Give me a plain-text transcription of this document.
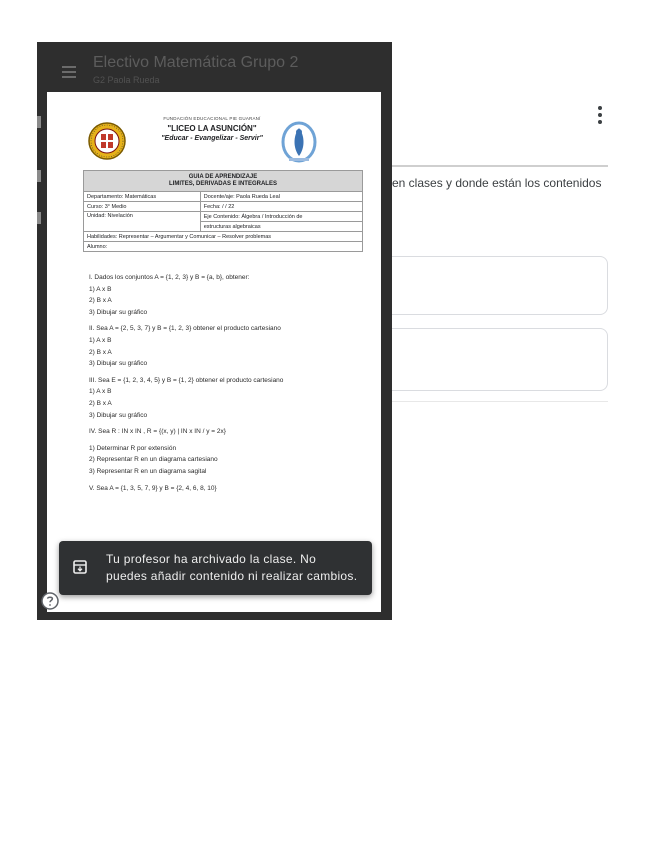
en clases y donde están los contenidos
Electivo Matemática Grupo 2
G2 Paola Rueda
FUNDACIÓN EDUCACIONAL PIE GUARANÍ
"LICEO LA ASUNCIÓN"
"Educar - Evangelizar - Servir"
GUIA DE APRENDIZAJE
LIMITES, DERIVADAS E INTEGRALES	

Departamento: Matemáticas	Docente/aje: Paola Rueda Leal
Curso: 3° Medio	Fecha: / / 22
Unidad: Nivelación	Eje Contenido: Álgebra / Introducción de
	estructuras algebraicas
Habilidades: Representar – Argumentar y Comunicar – Resolver problemas	
Alumno:	
I. Dados los conjuntos A = {1, 2, 3} y B = {a, b}, obtener:
1) A x B
2) B x A
3) Dibujar su gráfico
II. Sea A = {2, 5, 3, 7} y B = {1, 2, 3} obtener el producto cartesiano
1) A x B
2) B x A
3) Dibujar su gráfico
III. Sea E = {1, 2, 3, 4, 5} y B = {1, 2} obtener el producto cartesiano
1) A x B
2) B x A
3) Dibujar su gráfico
IV. Sea R : IN x IN , R = {(x, y) | IN x IN / y = 2x}
1) Determinar R por extensión
2) Representar R en un diagrama cartesiano
3) Representar R en un diagrama sagital
V. Sea A = {1, 3, 5, 7, 9} y B = {2, 4, 6, 8, 10}
Tu profesor ha archivado la clase. No
puedes añadir contenido ni realizar cambios.
